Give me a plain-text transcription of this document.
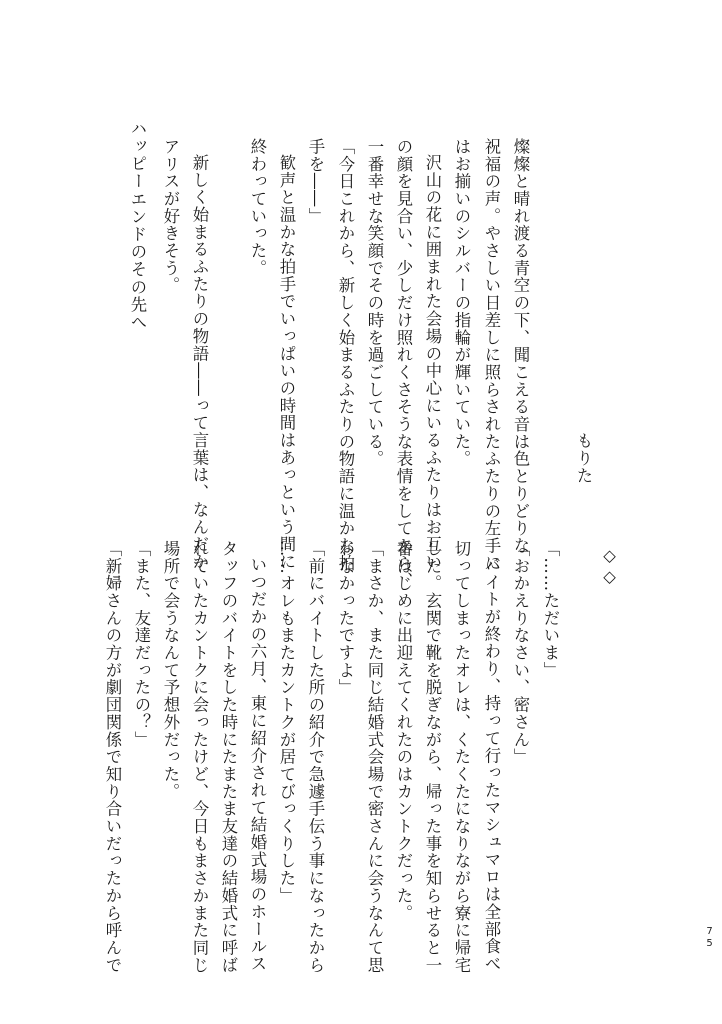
ハッピーエンドのその先へ
もりた
燦燦と晴れ渡る青空の下、聞こえる音は色とりどりな
祝福の声。やさしい日差しに照らされたふたりの左手に
はお揃いのシルバーの指輪が輝いていた。
沢山の花に囲まれた会場の中心にいるふたりはお互い
の顔を見合い、少しだけ照れくさそうな表情をしてから、
一番幸せな笑顔でその時を過ごしている。
「今日これから、新しく始まるふたりの物語に温かな拍
手を――」
歓声と温かな拍手でいっぱいの時間はあっという間に
終わっていった。
新しく始まるふたりの物語――って言葉は、なんだか
アリスが好きそう。
◇◇
「……ただいま」
「おかえりなさい、密さん」
バイトが終わり、持って行ったマシュマロは全部食べ
切ってしまったオレは、くたくたになりながら寮に帰宅
した。玄関で靴を脱ぎながら、帰った事を知らせると一
番はじめに出迎えてくれたのはカントクだった。
「まさか、また同じ結婚式会場で密さんに会うなんて思
わなかったですよ」
「前にバイトした所の紹介で急遽手伝う事になったから
……オレもまたカントクが居てびっくりした」
いつだかの六月、東に紹介されて結婚式場のホールス
タッフのバイトをした時にたまたま友達の結婚式に呼ば
れていたカントクに会ったけど、今日もまさかまた同じ
場所で会うなんて予想外だった。
「また、友達だったの？」
「新婦さんの方が劇団関係で知り合いだったから呼んで	75
